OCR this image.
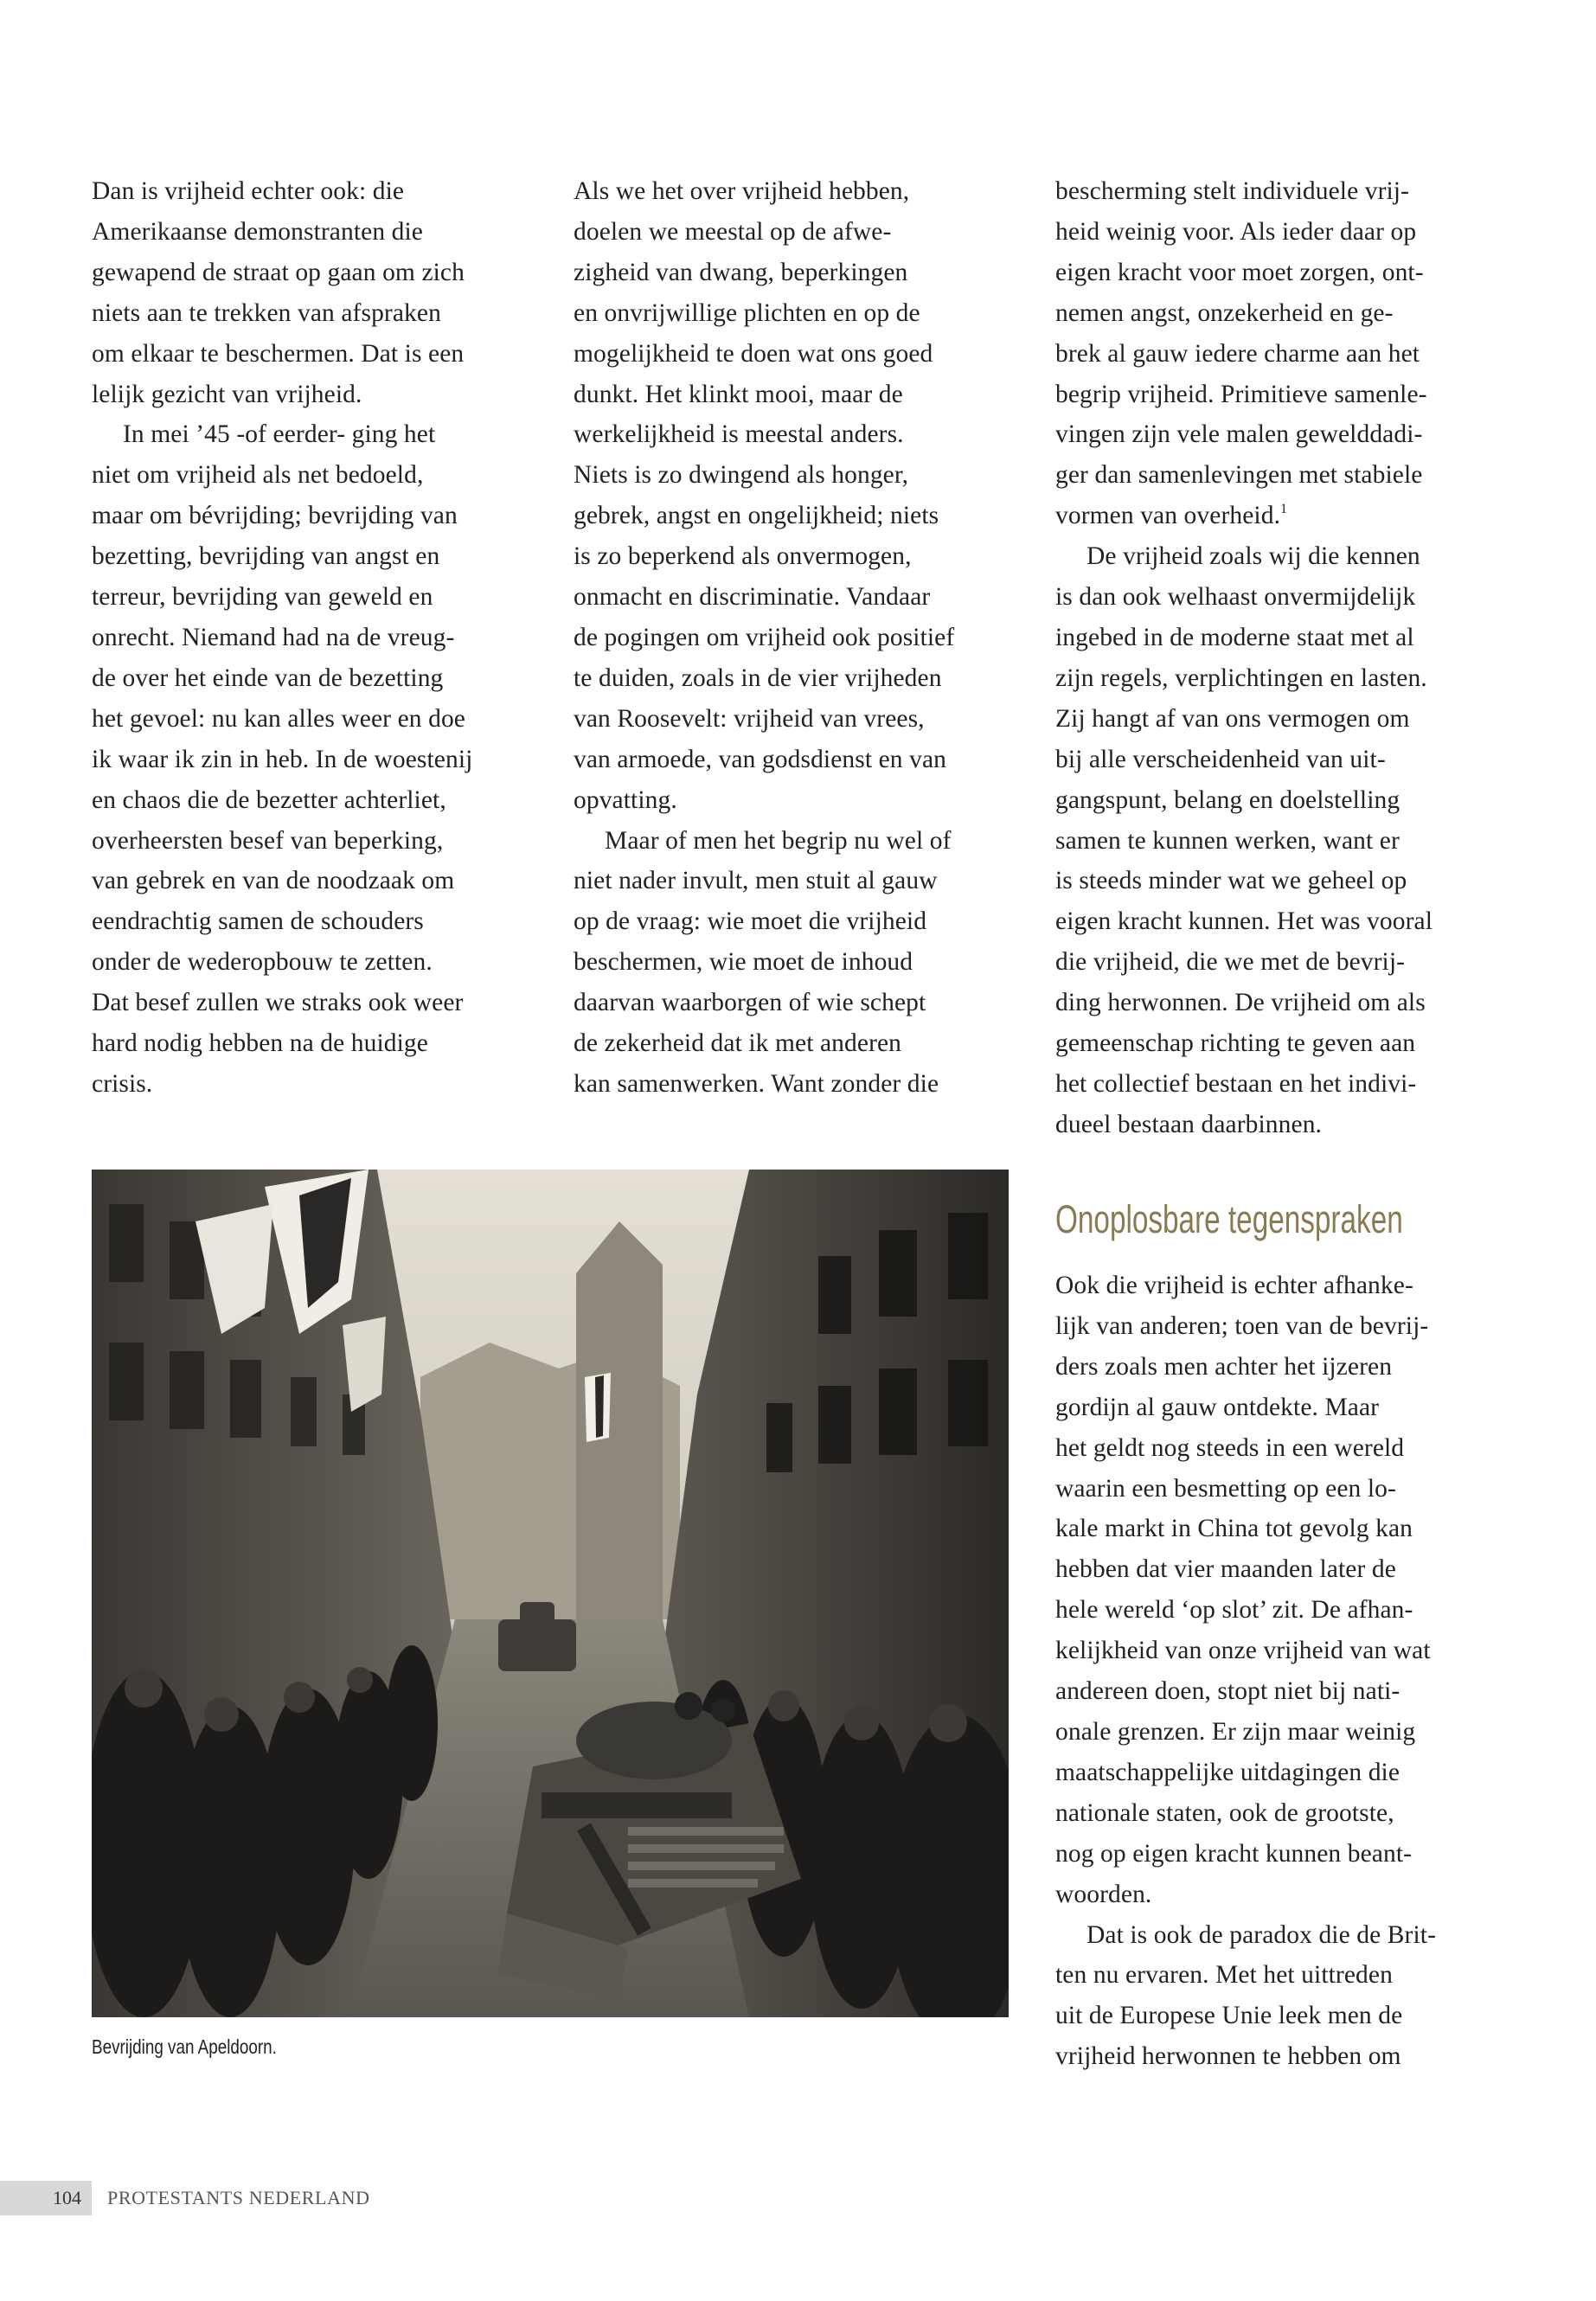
Dan is vrijheid echter ook: die
Amerikaanse demonstranten die
gewapend de straat op gaan om zich
niets aan te trekken van afspraken
om elkaar te beschermen. Dat is een
lelijk gezicht van vrijheid.
In mei ’45 -of eerder- ging het
niet om vrijheid als net bedoeld,
maar om bévrijding; bevrijding van
bezetting, bevrijding van angst en
terreur, bevrijding van geweld en
onrecht. Niemand had na de vreug-
de over het einde van de bezetting
het gevoel: nu kan alles weer en doe
ik waar ik zin in heb. In de woestenij
en chaos die de bezetter achterliet,
overheersten besef van beperking,
van gebrek en van de noodzaak om
eendrachtig samen de schouders
onder de wederopbouw te zetten.
Dat besef zullen we straks ook weer
hard nodig hebben na de huidige
crisis.
Als we het over vrijheid hebben,
doelen we meestal op de afwe-
zigheid van dwang, beperkingen
en onvrijwillige plichten en op de
mogelijkheid te doen wat ons goed
dunkt. Het klinkt mooi, maar de
werkelijkheid is meestal anders.
Niets is zo dwingend als honger,
gebrek, angst en ongelijkheid; niets
is zo beperkend als onvermogen,
onmacht en discriminatie. Vandaar
de pogingen om vrijheid ook positief
te duiden, zoals in de vier vrijheden
van Roosevelt: vrijheid van vrees,
van armoede, van godsdienst en van
opvatting.
Maar of men het begrip nu wel of
niet nader invult, men stuit al gauw
op de vraag: wie moet die vrijheid
beschermen, wie moet de inhoud
daarvan waarborgen of wie schept
de zekerheid dat ik met anderen
kan samenwerken. Want zonder die
bescherming stelt individuele vrij-
heid weinig voor. Als ieder daar op
eigen kracht voor moet zorgen, ont-
nemen angst, onzekerheid en ge-
brek al gauw iedere charme aan het
begrip vrijheid. Primitieve samenle-
vingen zijn vele malen gewelddadi-
ger dan samenlevingen met stabiele
vormen van overheid.$^1$
De vrijheid zoals wij die kennen
is dan ook welhaast onvermijdelijk
ingebed in de moderne staat met al
zijn regels, verplichtingen en lasten.
Zij hangt af van ons vermogen om
bij alle verscheidenheid van uit-
gangspunt, belang en doelstelling
samen te kunnen werken, want er
is steeds minder wat we geheel op
eigen kracht kunnen. Het was vooral
die vrijheid, die we met de bevrij-
ding herwonnen. De vrijheid om als
gemeenschap richting te geven aan
het collectief bestaan en het indivi-
dueel bestaan daarbinnen.
Onoplosbare tegenspraken
Ook die vrijheid is echter afhanke-
lijk van anderen; toen van de bevrij-
ders zoals men achter het ijzeren
gordijn al gauw ontdekte. Maar
het geldt nog steeds in een wereld
waarin een besmetting op een lo-
kale markt in China tot gevolg kan
hebben dat vier maanden later de
hele wereld ‘op slot’ zit. De afhan-
kelijkheid van onze vrijheid van wat
andereen doen, stopt niet bij nati-
onale grenzen. Er zijn maar weinig
maatschappelijke uitdagingen die
nationale staten, ook de grootste,
nog op eigen kracht kunnen beant-
woorden.
Dat is ook de paradox die de Brit-
ten nu ervaren. Met het uittreden
uit de Europese Unie leek men de
vrijheid herwonnen te hebben om
Bevrijding van Apeldoorn.
104 PROTESTANTS NEDERLAND
